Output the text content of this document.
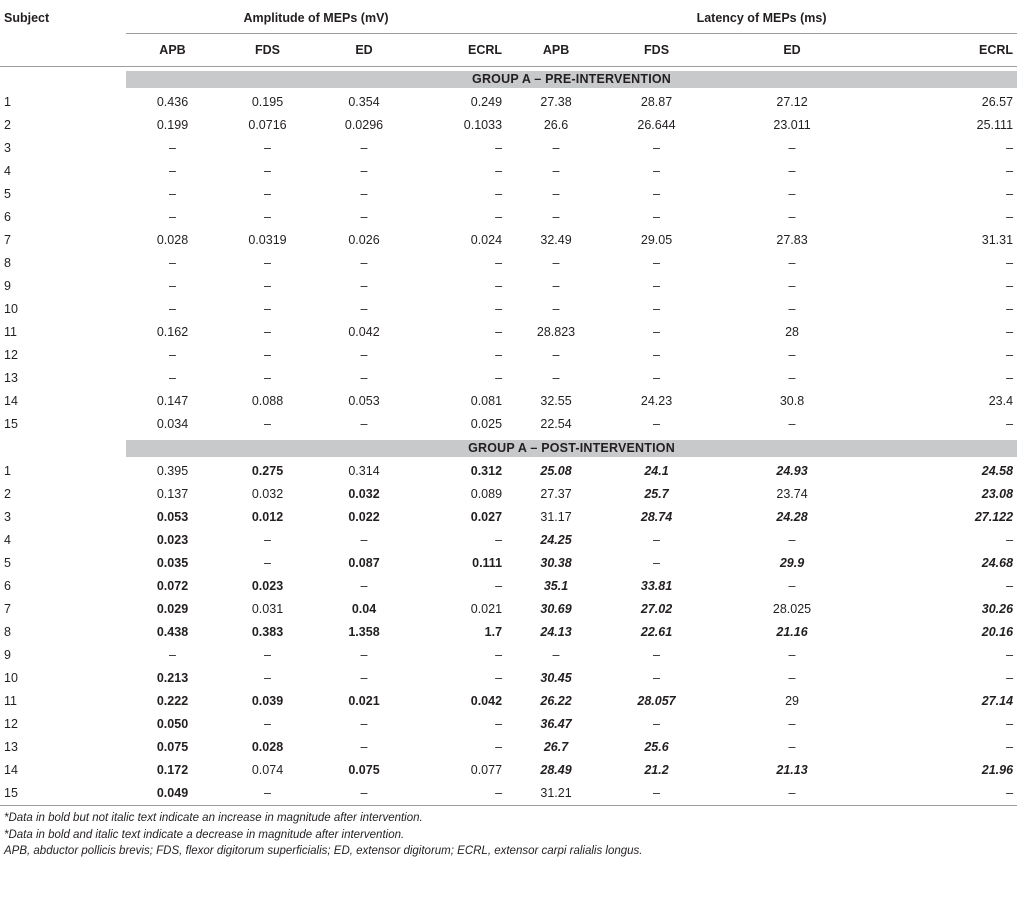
Subject	Amplitude of MEPs (mV)				Latency of MEPs (ms)			
	APB	FDS	ED	ECRL	APB	FDS	ED	ECRL

	GROUP A – PRE-INTERVENTION							

1	0.436	0.195	0.354	0.249	27.38	28.87	27.12	26.57
2	0.199	0.0716	0.0296	0.1033	26.6	26.644	23.011	25.111
3	–	–	–	–	–	–	–	–
4	–	–	–	–	–	–	–	–
5	–	–	–	–	–	–	–	–
6	–	–	–	–	–	–	–	–
7	0.028	0.0319	0.026	0.024	32.49	29.05	27.83	31.31
8	–	–	–	–	–	–	–	–
9	–	–	–	–	–	–	–	–
10	–	–	–	–	–	–	–	–
11	0.162	–	0.042	–	28.823	–	28	–
12	–	–	–	–	–	–	–	–
13	–	–	–	–	–	–	–	–
14	0.147	0.088	0.053	0.081	32.55	24.23	30.8	23.4
15	0.034	–	–	0.025	22.54	–	–	–

	GROUP A – POST-INTERVENTION							

1	0.395	0.275	0.314	0.312	25.08	24.1	24.93	24.58
2	0.137	0.032	0.032	0.089	27.37	25.7	23.74	23.08
3	0.053	0.012	0.022	0.027	31.17	28.74	24.28	27.122
4	0.023	–	–	–	24.25	–	–	–
5	0.035	–	0.087	0.111	30.38	–	29.9	24.68
6	0.072	0.023	–	–	35.1	33.81	–	–
7	0.029	0.031	0.04	0.021	30.69	27.02	28.025	30.26
8	0.438	0.383	1.358	1.7	24.13	22.61	21.16	20.16
9	–	–	–	–	–	–	–	–
10	0.213	–	–	–	30.45	–	–	–
11	0.222	0.039	0.021	0.042	26.22	28.057	29	27.14
12	0.050	–	–	–	36.47	–	–	–
13	0.075	0.028	–	–	26.7	25.6	–	–
14	0.172	0.074	0.075	0.077	28.49	21.2	21.13	21.96
15	0.049	–	–	–	31.21	–	–	–
*Data in bold but not italic text indicate an increase in magnitude after intervention.
*Data in bold and italic text indicate a decrease in magnitude after intervention.
APB, abductor pollicis brevis; FDS, flexor digitorum superficialis; ED, extensor digitorum; ECRL, extensor carpi ralialis longus.
